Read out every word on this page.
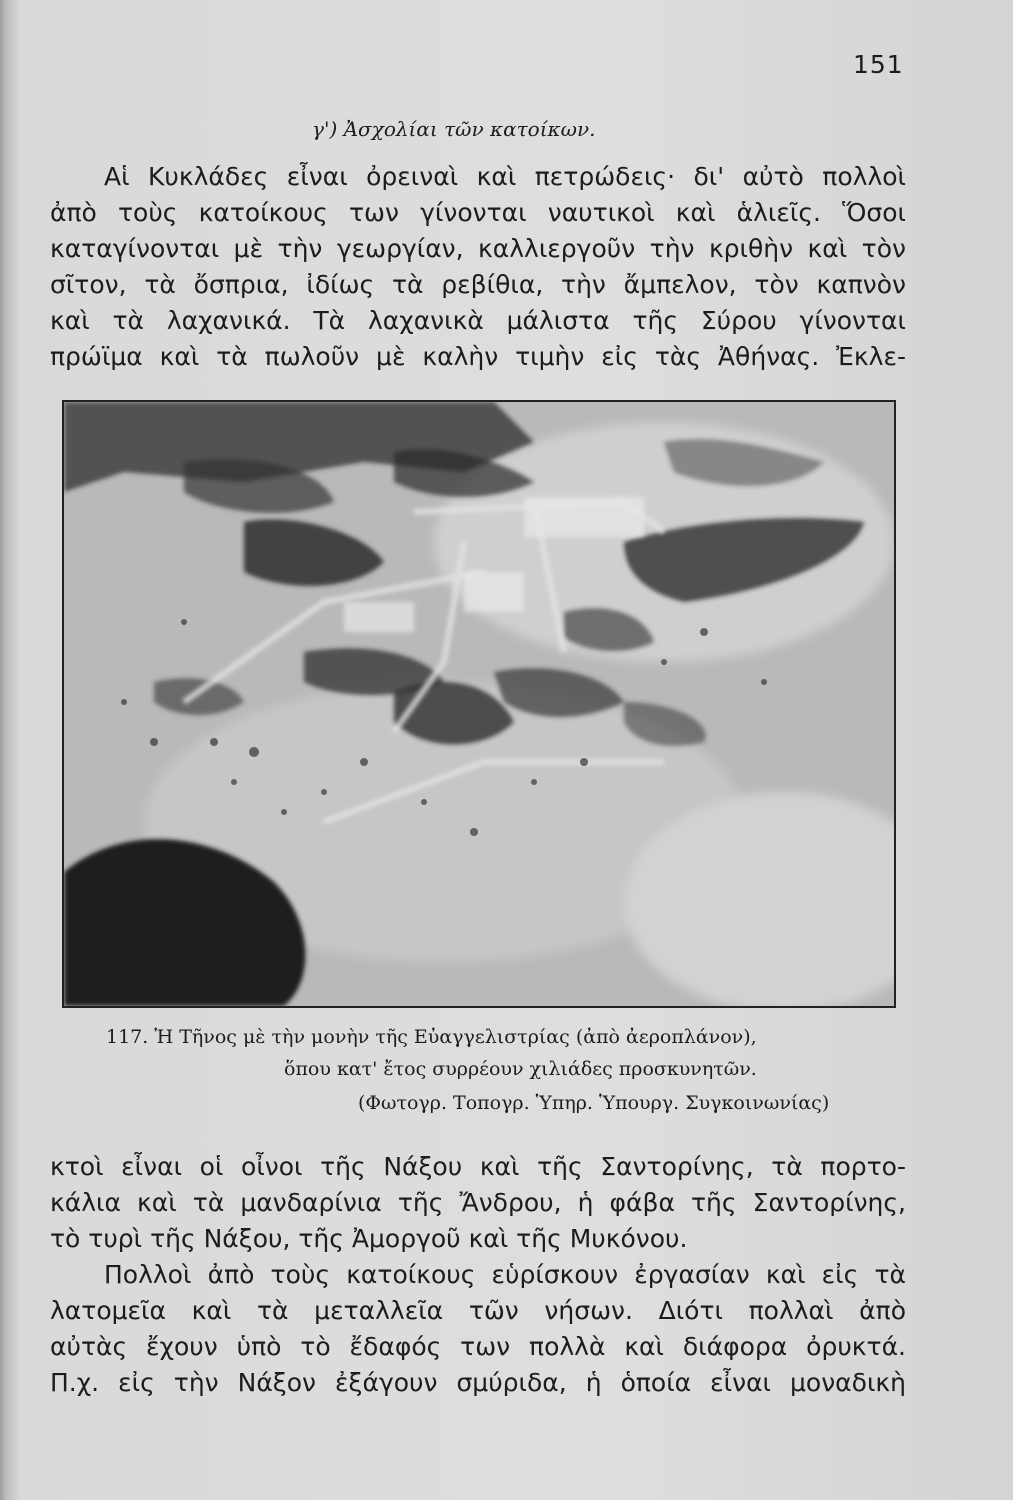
151
γ') Ἀσχολίαι τῶν κατοίκων.
Αἱ Κυκλάδες εἶναι ὀρειναὶ καὶ πετρώδεις· δι' αὐτὸ πολλοὶ
ἀπὸ τοὺς κατοίκους των γίνονται ναυτικοὶ καὶ ἁλιεῖς. Ὅσοι
καταγίνονται μὲ τὴν γεωργίαν, καλλιεργοῦν τὴν κριθὴν καὶ τὸν
σῖτον, τὰ ὄσπρια, ἰδίως τὰ ρεβίθια, τὴν ἄμπελον, τὸν καπνὸν
καὶ τὰ λαχανικά. Τὰ λαχανικὰ μάλιστα τῆς Σύρου γίνονται
πρώϊμα καὶ τὰ πωλοῦν μὲ καλὴν τιμὴν εἰς τὰς Ἀθήνας. Ἐκλε-
117. Ἡ Τῆνος μὲ τὴν μονὴν τῆς Εὐαγγελιστρίας (ἀπὸ ἀεροπλάνον),
ὅπου κατ' ἔτος συρρέουν χιλιάδες προσκυνητῶν.
(Φωτογρ. Τοπογρ. Ὑπηρ. Ὑπουργ. Συγκοινωνίας)
κτοὶ εἶναι οἱ οἶνοι τῆς Νάξου καὶ τῆς Σαντορίνης, τὰ πορτο-
κάλια καὶ τὰ μανδαρίνια τῆς Ἄνδρου, ἡ φάβα τῆς Σαντορίνης,
τὸ τυρὶ τῆς Νάξου, τῆς Ἀμοργοῦ καὶ τῆς Μυκόνου.
Πολλοὶ ἀπὸ τοὺς κατοίκους εὑρίσκουν ἐργασίαν καὶ εἰς τὰ
λατομεῖα καὶ τὰ μεταλλεῖα τῶν νήσων. Διότι πολλαὶ ἀπὸ
αὐτὰς ἔχουν ὑπὸ τὸ ἔδαφός των πολλὰ καὶ διάφορα ὀρυκτά.
Π.χ. εἰς τὴν Νάξον ἐξάγουν σμύριδα, ἡ ὁποία εἶναι μοναδικὴ
